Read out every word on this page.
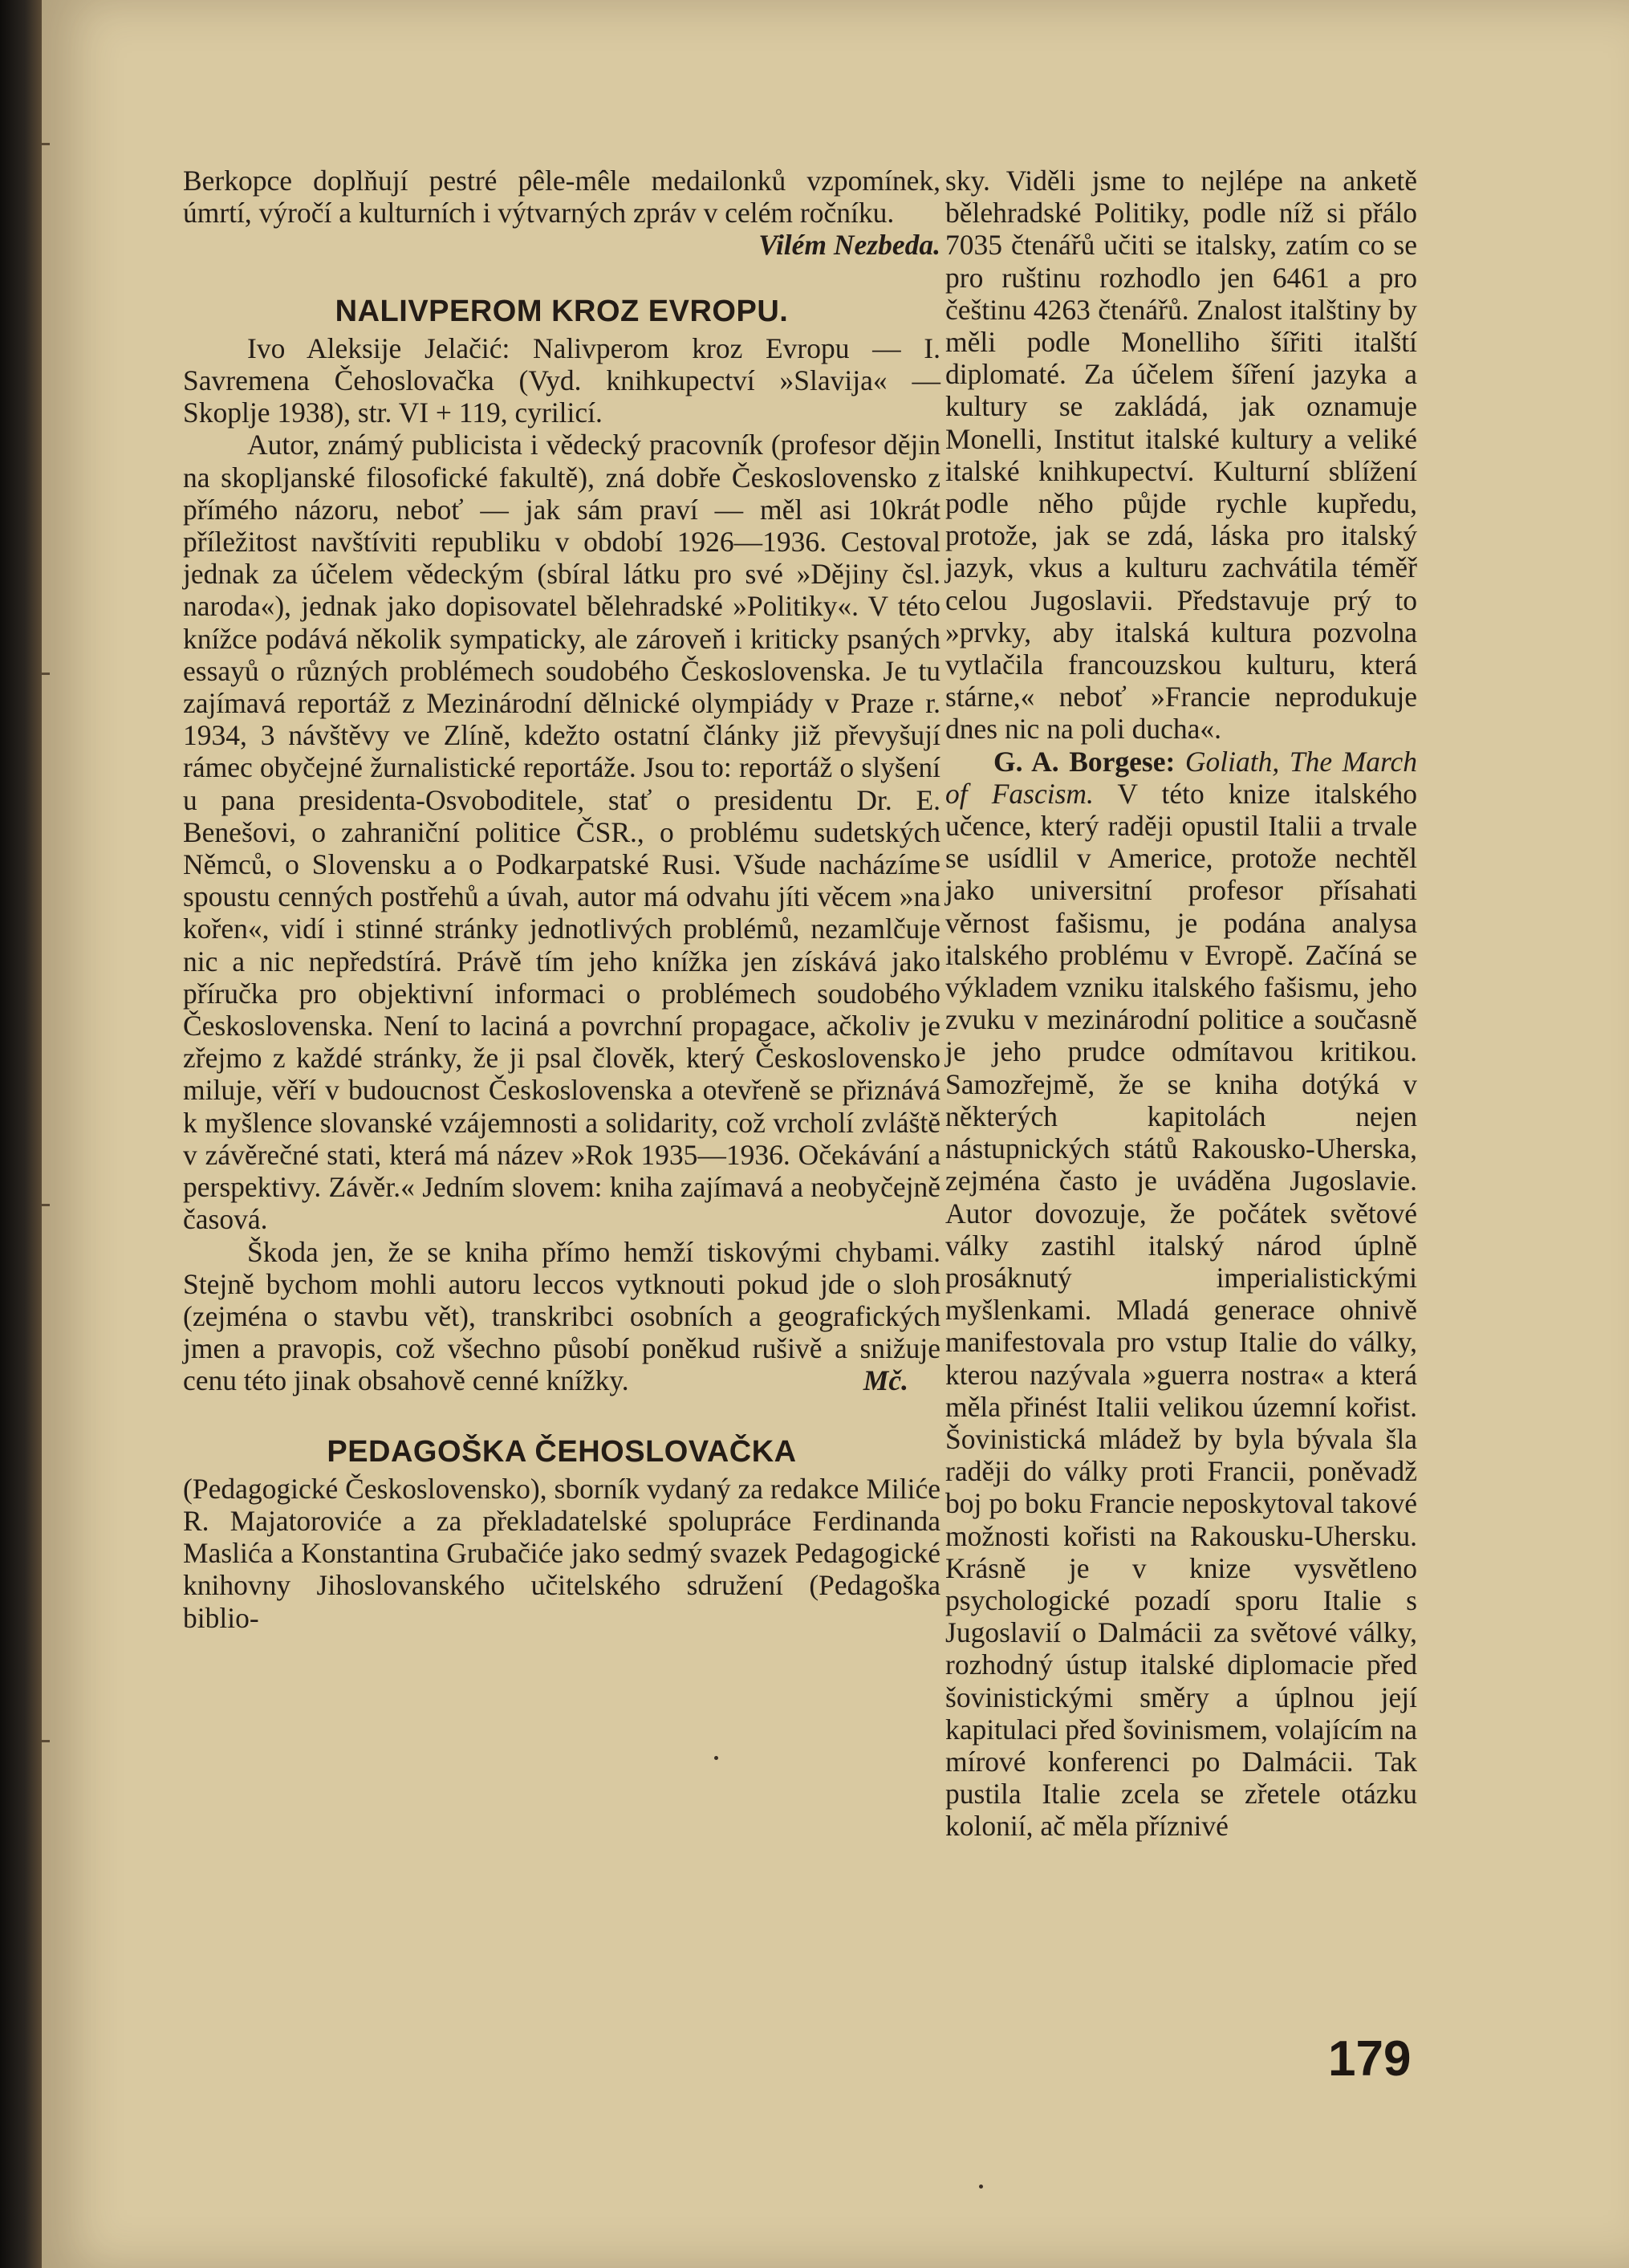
Berkopce doplňují pestré pêle-mêle medailonků vzpomínek, úmrtí, výročí a kulturních i výtvarných zpráv v celém ročníku.
Vilém Nezbeda.

NALIVPEROM KROZ EVROPU.

Ivo Aleksije Jelačić: Nalivperom kroz Evropu — I. Savremena Čehoslovačka (Vyd. knihkupectví »Slavija« — Skoplje 1938), str. VI + 119, cyrilicí.

Autor, známý publicista i vědecký pracovník (profesor dějin na skopljanské filosofické fakultě), zná dobře Československo z přímého názoru, neboť — jak sám praví — měl asi 10krát příležitost navštíviti republiku v období 1926—1936. Cestoval jednak za účelem vědeckým (sbíral látku pro své »Dějiny čsl. naroda«), jednak jako dopisovatel bělehradské »Politiky«. V této knížce podává několik sympaticky, ale zároveň i kriticky psaných essayů o různých problémech soudobého Československa. Je tu zajímavá reportáž z Mezinárodní dělnické olympiády v Praze r. 1934, 3 návštěvy ve Zlíně, kdežto ostatní články již převyšují rámec obyčejné žurnalistické reportáže. Jsou to: reportáž o slyšení u pana presidenta-Osvoboditele, stať o presidentu Dr. E. Benešovi, o zahraniční politice ČSR., o problému sudetských Němců, o Slovensku a o Podkarpatské Rusi. Všude nacházíme spoustu cenných postřehů a úvah, autor má odvahu jíti věcem »na kořen«, vidí i stinné stránky jednotlivých problémů, nezamlčuje nic a nic nepředstírá. Právě tím jeho knížka jen získává jako příručka pro objektivní informaci o problémech soudobého Československa. Není to laciná a povrchní propagace, ačkoliv je zřejmo z každé stránky, že ji psal člověk, který Československo miluje, věří v budoucnost Československa a otevřeně se přiznává k myšlence slovanské vzájemnosti a solidarity, což vrcholí zvláště v závěrečné stati, která má název »Rok 1935—1936. Očekávání a perspektivy. Závěr.« Jedním slovem: kniha zajímavá a neobyčejně časová.

Škoda jen, že se kniha přímo hemží tiskovými chybami. Stejně bychom mohli autoru leccos vytknouti pokud jde o sloh (zejména o stavbu vět), transkribci osobních a geografických jmen a pravopis, což všechno působí poněkud rušivě a snižuje cenu této jinak obsahově cenné knížky.	Mč.

PEDAGOŠKA ČEHOSLOVAČKA

(Pedagogické Československo), sborník vydaný za redakce Miliće R. Majatoroviće a za překladatelské spolupráce Ferdinanda Maslića a Konstantina Grubačiće jako sedmý svazek Pedagogické knihovny Jihoslovanského učitelského sdružení (Pedagoška biblio-

sky. Viděli jsme to nejlépe na anketě bělehradské Politiky, podle níž si přálo 7035 čtenářů učiti se italsky, zatím co se pro ruštinu rozhodlo jen 6461 a pro češtinu 4263 čtenářů. Znalost italštiny by měli podle Monelliho šířiti italští diplomaté. Za účelem šíření jazyka a kultury se zakládá, jak oznamuje Monelli, Institut italské kultury a veliké italské knihkupectví. Kulturní sblížení podle něho půjde rychle kupředu, protože, jak se zdá, láska pro italský jazyk, vkus a kulturu zachvátila téměř celou Jugoslavii. Představuje prý to »prvky, aby italská kultura pozvolna vytlačila francouzskou kulturu, která stárne,« neboť »Francie neprodukuje dnes nic na poli ducha«.

G. A. Borgese: Goliath, The March of Fascism. V této knize italského učence, který raději opustil Italii a trvale se usídlil v Americe, protože nechtěl jako universitní profesor přísahati věrnost fašismu, je podána analysa italského problému v Evropě. Začíná se výkladem vzniku italského fašismu, jeho zvuku v mezinárodní politice a současně je jeho prudce odmítavou kritikou. Samozřejmě, že se kniha dotýká v některých kapitolách nejen nástupnických států Rakousko-Uherska, zejména často je uváděna Jugoslavie. Autor dovozuje, že počátek světové války zastihl italský národ úplně prosáknutý imperialistickými myšlenkami. Mladá generace ohnivě manifestovala pro vstup Italie do války, kterou nazývala »guerra nostra« a která měla přinést Italii velikou územní kořist. Šovinistická mládež by byla bývala šla raději do války proti Francii, poněvadž boj po boku Francie neposkytoval takové možnosti kořisti na Rakousku-Uhersku. Krásně je v knize vysvětleno psychologické pozadí sporu Italie s Jugoslavií o Dalmácii za světové války, rozhodný ústup italské diplomacie před šovinistickými směry a úplnou její kapitulaci před šovinismem, volajícím na mírové konferenci po Dalmácii. Tak pustila Italie zcela se zřetele otázku kolonií, ač měla příznivé

179
